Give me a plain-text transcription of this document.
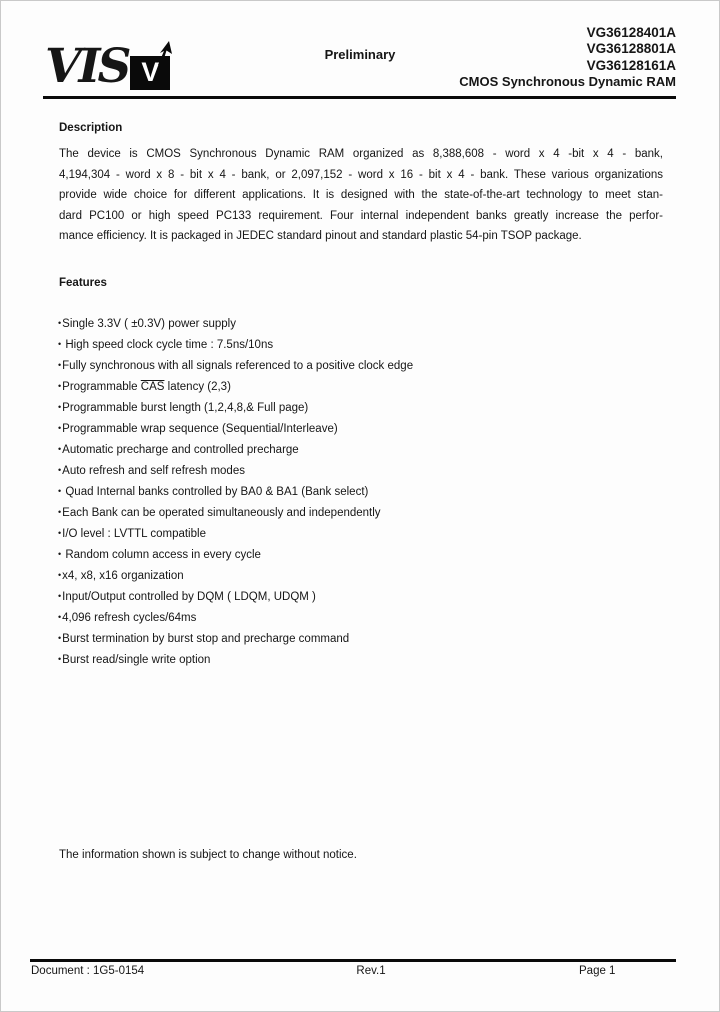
VIS V
Preliminary
VG36128401A
VG36128801A
VG36128161A
CMOS Synchronous Dynamic RAM
Description
The device is CMOS Synchronous Dynamic RAM organized as 8,388,608 - word x 4 -bit x 4 - bank,
4,194,304 - word x 8 - bit x 4 - bank, or 2,097,152 - word x 16 - bit x 4 - bank. These various organizations
provide wide choice for different applications. It is designed with the state-of-the-art technology to meet stan-
dard PC100 or high speed PC133 requirement. Four internal independent banks greatly increase the perfor-
mance efficiency. It is packaged in JEDEC standard pinout and standard plastic 54-pin TSOP package.
Features
•Single 3.3V ( ±0.3V) power supply
• High speed clock cycle time : 7.5ns/10ns
•Fully synchronous with all signals referenced to a positive clock edge
•Programmable $\overline{CAS}$ latency (2,3)
•Programmable burst length (1,2,4,8,& Full page)
•Programmable wrap sequence (Sequential/Interleave)
•Automatic precharge and controlled precharge
•Auto refresh and self refresh modes
• Quad Internal banks controlled by BA0 & BA1 (Bank select)
•Each Bank can be operated simultaneously and independently
•I/O level : LVTTL compatible
• Random column access in every cycle
•x4, x8, x16 organization
•Input/Output controlled by DQM ( LDQM, UDQM )
•4,096 refresh cycles/64ms
•Burst termination by burst stop and precharge command
•Burst read/single write option
The information shown is subject to change without notice.
Document : 1G5-0154	Rev.1	Page 1
